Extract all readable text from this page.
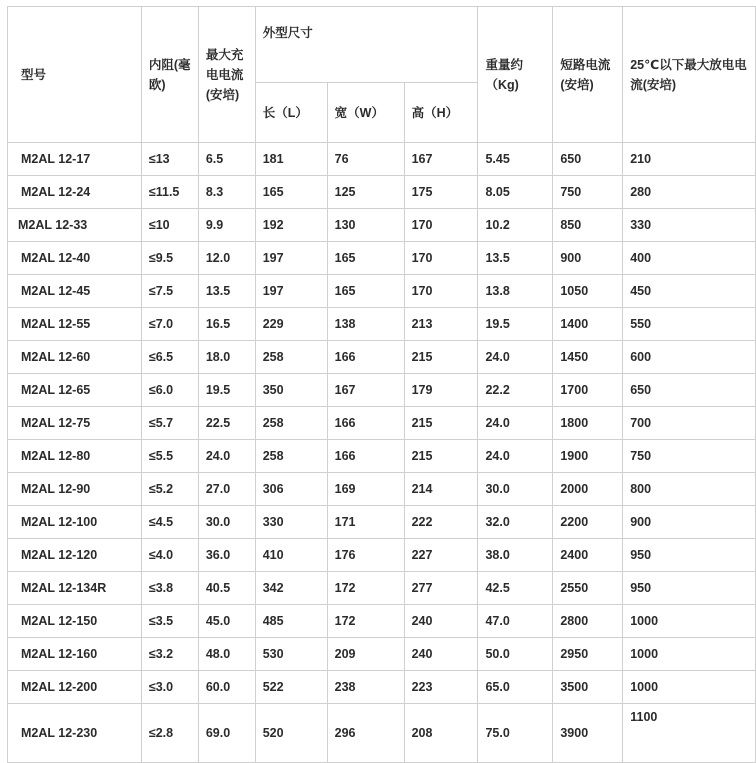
型号	内阻(毫欧)	最大充电电流(安培)	外型尺寸			重量约（Kg)	短路电流(安培)	25℃以下最大放电电流(安培)
			长（L）	宽（W）	高（H）			
M2AL 12-17	≤13	6.5	181	76	167	5.45	650	210
M2AL 12-24	≤11.5	8.3	165	125	175	8.05	750	280
M2AL 12-33	≤10	9.9	192	130	170	10.2	850	330
M2AL 12-40	≤9.5	12.0	197	165	170	13.5	900	400
M2AL 12-45	≤7.5	13.5	197	165	170	13.8	1050	450
M2AL 12-55	≤7.0	16.5	229	138	213	19.5	1400	550
M2AL 12-60	≤6.5	18.0	258	166	215	24.0	1450	600
M2AL 12-65	≤6.0	19.5	350	167	179	22.2	1700	650
M2AL 12-75	≤5.7	22.5	258	166	215	24.0	1800	700
M2AL 12-80	≤5.5	24.0	258	166	215	24.0	1900	750
M2AL 12-90	≤5.2	27.0	306	169	214	30.0	2000	800
M2AL 12-100	≤4.5	30.0	330	171	222	32.0	2200	900
M2AL 12-120	≤4.0	36.0	410	176	227	38.0	2400	950
M2AL 12-134R	≤3.8	40.5	342	172	277	42.5	2550	950
M2AL 12-150	≤3.5	45.0	485	172	240	47.0	2800	1000
M2AL 12-160	≤3.2	48.0	530	209	240	50.0	2950	1000
M2AL 12-200	≤3.0	60.0	522	238	223	65.0	3500	1000
M2AL 12-230	≤2.8	69.0	520	296	208	75.0	3900	1100
